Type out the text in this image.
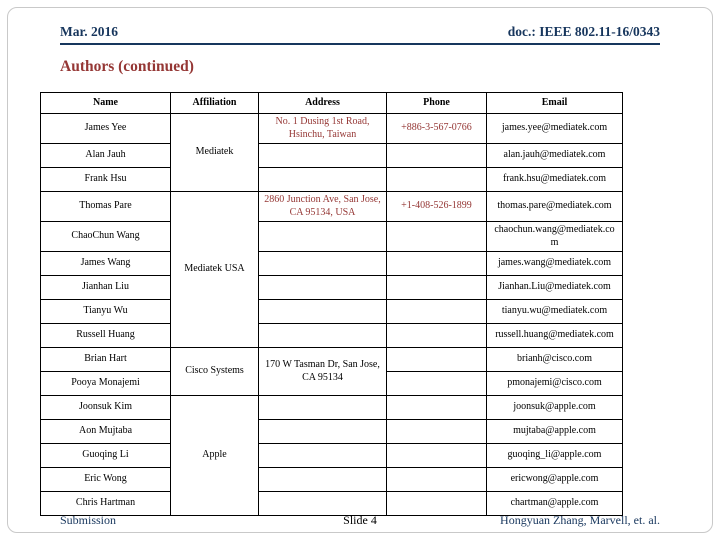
Mar. 2016	doc.: IEEE 802.11-16/0343
Authors (continued)
Name	Affiliation	Address	Phone	Email
James Yee	Mediatek	No. 1 Dusing 1st Road, Hsinchu, Taiwan	+886-3-567-0766	james.yee@mediatek.com
Alan Jauh				alan.jauh@mediatek.com
Frank Hsu				frank.hsu@mediatek.com
Thomas Pare	Mediatek USA	2860 Junction Ave, San Jose, CA 95134, USA	+1-408-526-1899	thomas.pare@mediatek.com
ChaoChun Wang				chaochun.wang@mediatek.com
James Wang				james.wang@mediatek.com
Jianhan Liu				Jianhan.Liu@mediatek.com
Tianyu Wu				tianyu.wu@mediatek.com
Russell Huang				russell.huang@mediatek.com
Brian Hart	Cisco Systems	170 W Tasman Dr, San Jose, CA 95134		brianh@cisco.com
Pooya Monajemi				pmonajemi@cisco.com
Joonsuk Kim	Apple			joonsuk@apple.com
Aon Mujtaba				mujtaba@apple.com
Guoqing Li				guoqing_li@apple.com
Eric Wong				ericwong@apple.com
Chris Hartman				chartman@apple.com
Submission	Slide 4	Hongyuan Zhang, Marvell, et. al.
